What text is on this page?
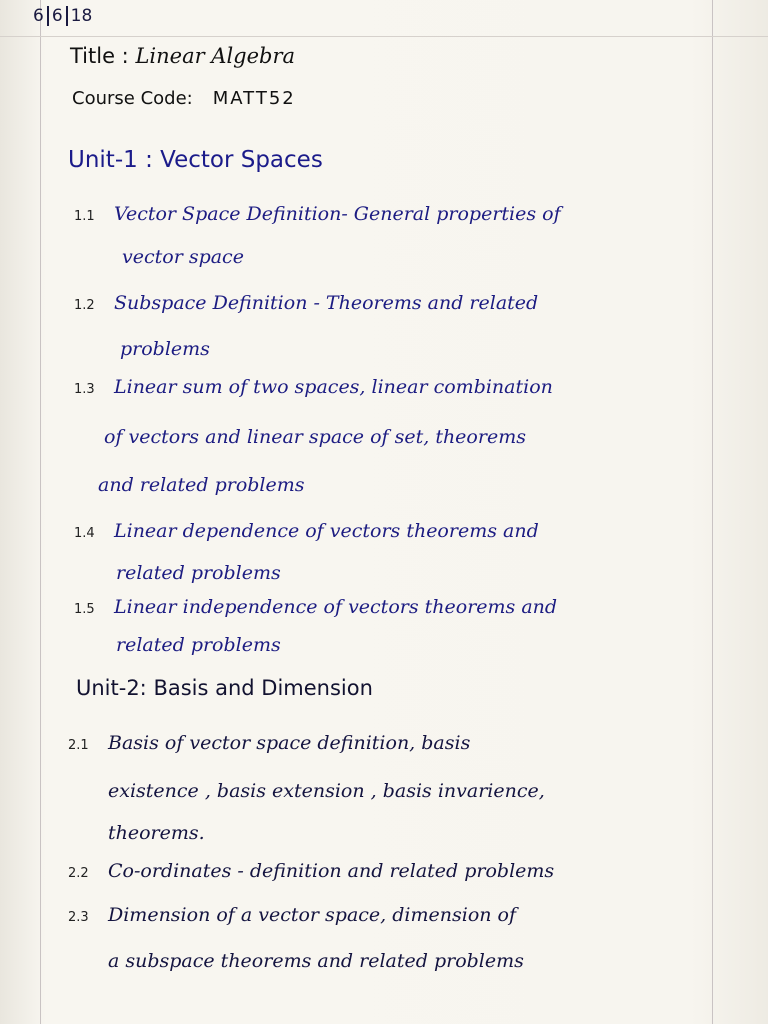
6 6 18
Title : Linear Algebra
Course Code: MATT52
Unit-1 : Vector Spaces
1.1 Vector Space Definition- General properties of
vector space
1.2 Subspace Definition - Theorems and related
problems
1.3 Linear sum of two spaces, linear combination
of vectors and linear space of set, theorems
and related problems
1.4 Linear dependence of vectors theorems and
related problems
1.5 Linear independence of vectors theorems and
related problems
Unit-2: Basis and Dimension
2.1 Basis of vector space definition, basis
existence , basis extension , basis invarience,
theorems.
2.2 Co-ordinates - definition and related problems
2.3 Dimension of a vector space, dimension of
a subspace theorems and related problems
